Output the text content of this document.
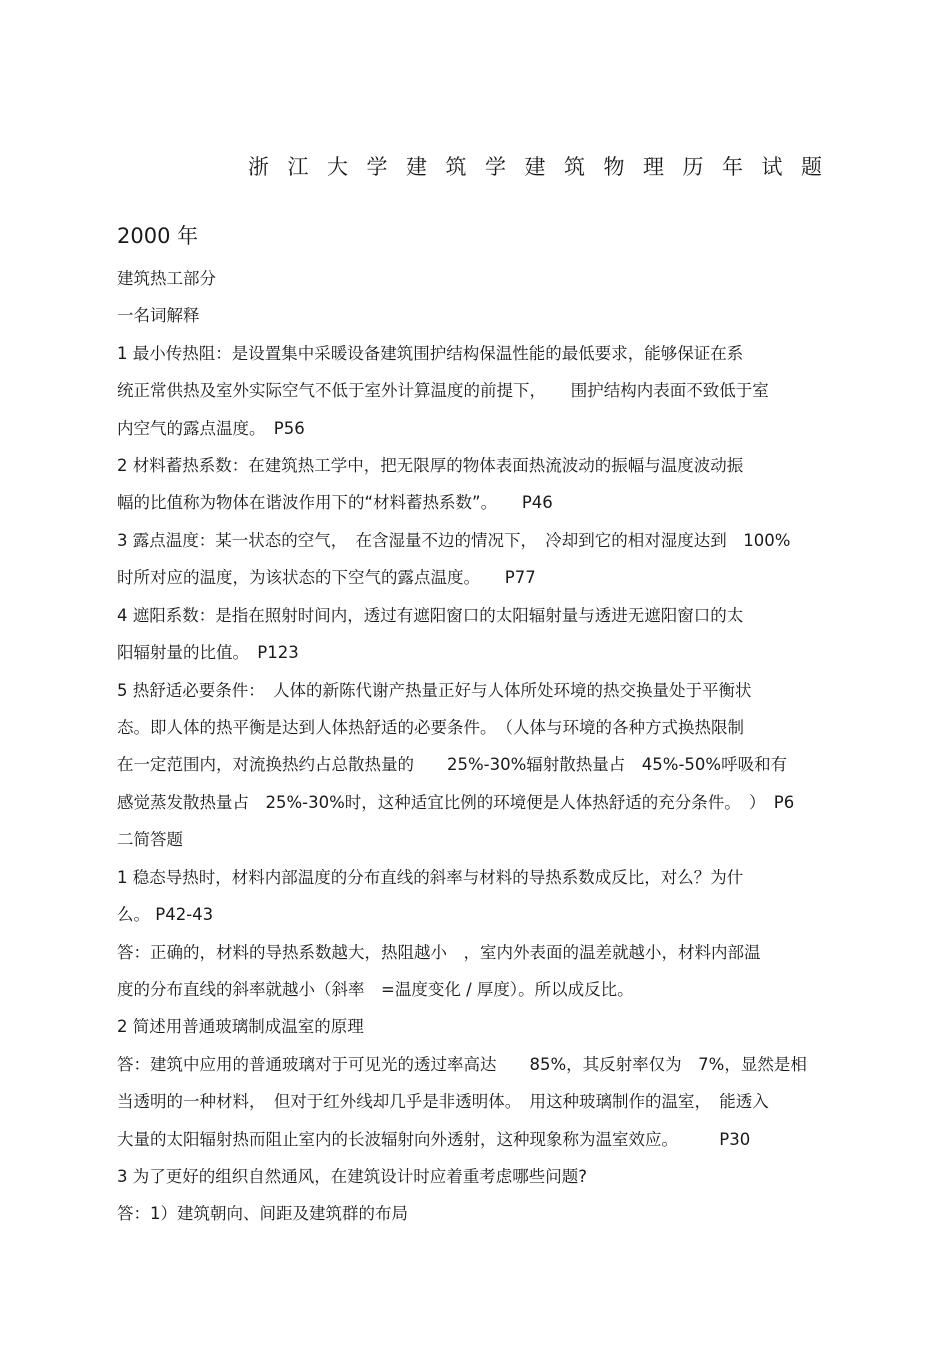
浙江大学建筑学建筑物理历年试题
2000 年
建筑热工部分
一名词解释
1 最小传热阻：是设置集中采暖设备建筑围护结构保温性能的最低要求，能够保证在系
统正常供热及室外实际空气不低于室外计算温度的前提下，　　围护结构内表面不致低于室
内空气的露点温度。　P56
2 材料蓄热系数：在建筑热工学中，把无限厚的物体表面热流波动的振幅与温度波动振
幅的比值称为物体在谐波作用下的“材料蓄热系数”。　　P46
3 露点温度：某一状态的空气，　在含湿量不边的情况下，　冷却到它的相对湿度达到　100%
时所对应的温度，为该状态的下空气的露点温度。　　P77
4 遮阳系数：是指在照射时间内，透过有遮阳窗口的太阳辐射量与透进无遮阳窗口的太
阳辐射量的比值。　P123
5 热舒适必要条件：　人体的新陈代谢产热量正好与人体所处环境的热交换量处于平衡状
态。即人体的热平衡是达到人体热舒适的必要条件。　（人体与环境的各种方式换热限制
在一定范围内，对流换热约占总散热量的　　25%-30%辐射散热量占　45%-50%呼吸和有
感觉蒸发散热量占　25%-30%时，这种适宜比例的环境便是人体热舒适的充分条件。　）　P6
二简答题
1 稳态导热时，材料内部温度的分布直线的斜率与材料的导热系数成反比，对么？为什
么。 P42-43
答：正确的，材料的导热系数越大，热阻越小　，室内外表面的温差就越小，材料内部温
度的分布直线的斜率就越小（斜率　=温度变化 / 厚度）。所以成反比。
2 简述用普通玻璃制成温室的原理
答：建筑中应用的普通玻璃对于可见光的透过率高达　　85%，其反射率仅为　7%，显然是相
当透明的一种材料，　但对于红外线却几乎是非透明体。　用这种玻璃制作的温室，　能透入
大量的太阳辐射热而阻止室内的长波辐射向外透射，这种现象称为温室效应。　　　P30
3 为了更好的组织自然通风，在建筑设计时应着重考虑哪些问题?
答：1）建筑朝向、间距及建筑群的布局
